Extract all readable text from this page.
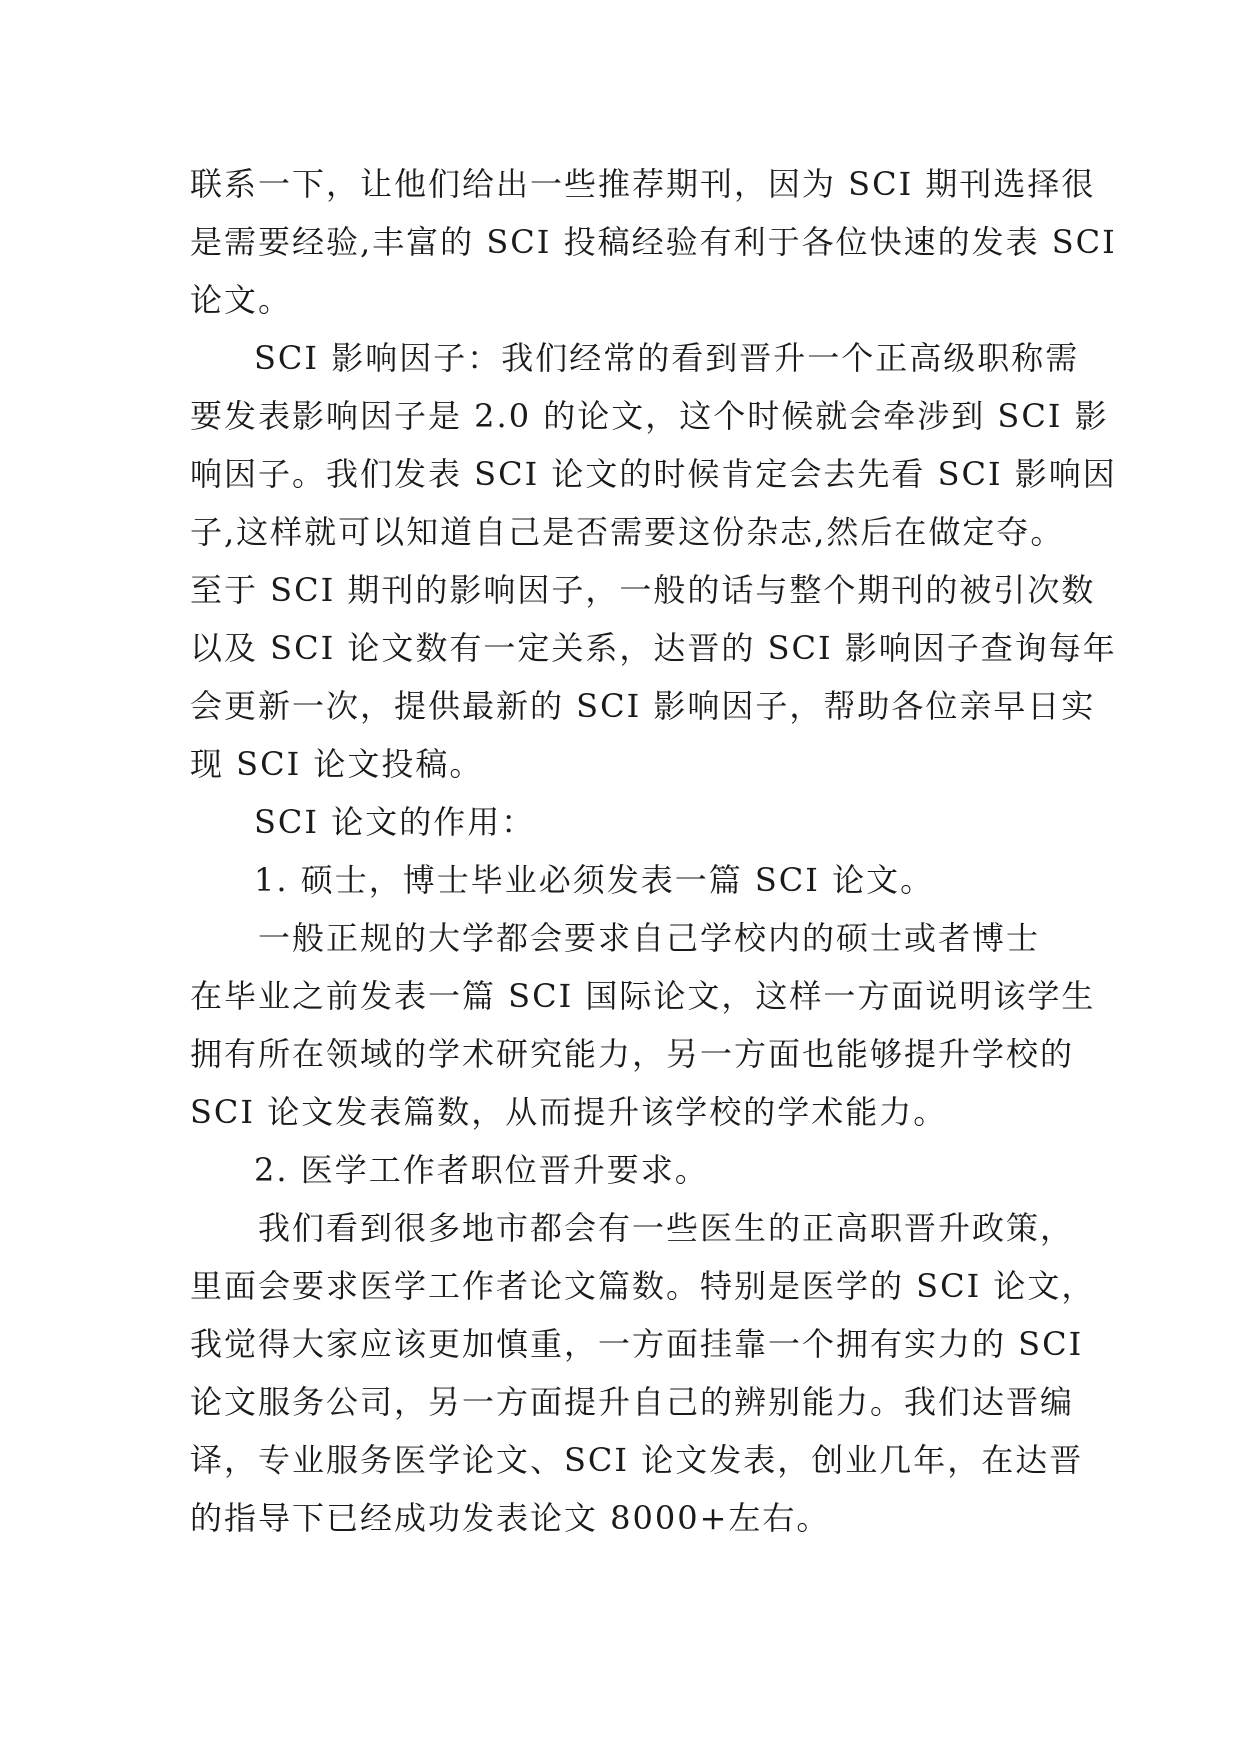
联系一下，让他们给出一些推荐期刊，因为 SCI 期刊选择很
是需要经验,丰富的 SCI 投稿经验有利于各位快速的发表 SCI
论文。
SCI 影响因子：我们经常的看到晋升一个正高级职称需
要发表影响因子是 2.0 的论文，这个时候就会牵涉到 SCI 影
响因子。我们发表 SCI 论文的时候肯定会去先看 SCI 影响因
子,这样就可以知道自己是否需要这份杂志,然后在做定夺。
至于 SCI 期刊的影响因子，一般的话与整个期刊的被引次数
以及 SCI 论文数有一定关系，达晋的 SCI 影响因子查询每年
会更新一次，提供最新的 SCI 影响因子，帮助各位亲早日实
现 SCI 论文投稿。
SCI 论文的作用：
1. 硕士，博士毕业必须发表一篇 SCI 论文。
一般正规的大学都会要求自己学校内的硕士或者博士
在毕业之前发表一篇 SCI 国际论文，这样一方面说明该学生
拥有所在领域的学术研究能力，另一方面也能够提升学校的
SCI 论文发表篇数，从而提升该学校的学术能力。
2. 医学工作者职位晋升要求。
我们看到很多地市都会有一些医生的正高职晋升政策，
里面会要求医学工作者论文篇数。特别是医学的 SCI 论文，
我觉得大家应该更加慎重，一方面挂靠一个拥有实力的 SCI
论文服务公司，另一方面提升自己的辨别能力。我们达晋编
译，专业服务医学论文、SCI 论文发表，创业几年，在达晋
的指导下已经成功发表论文 8000+左右。
